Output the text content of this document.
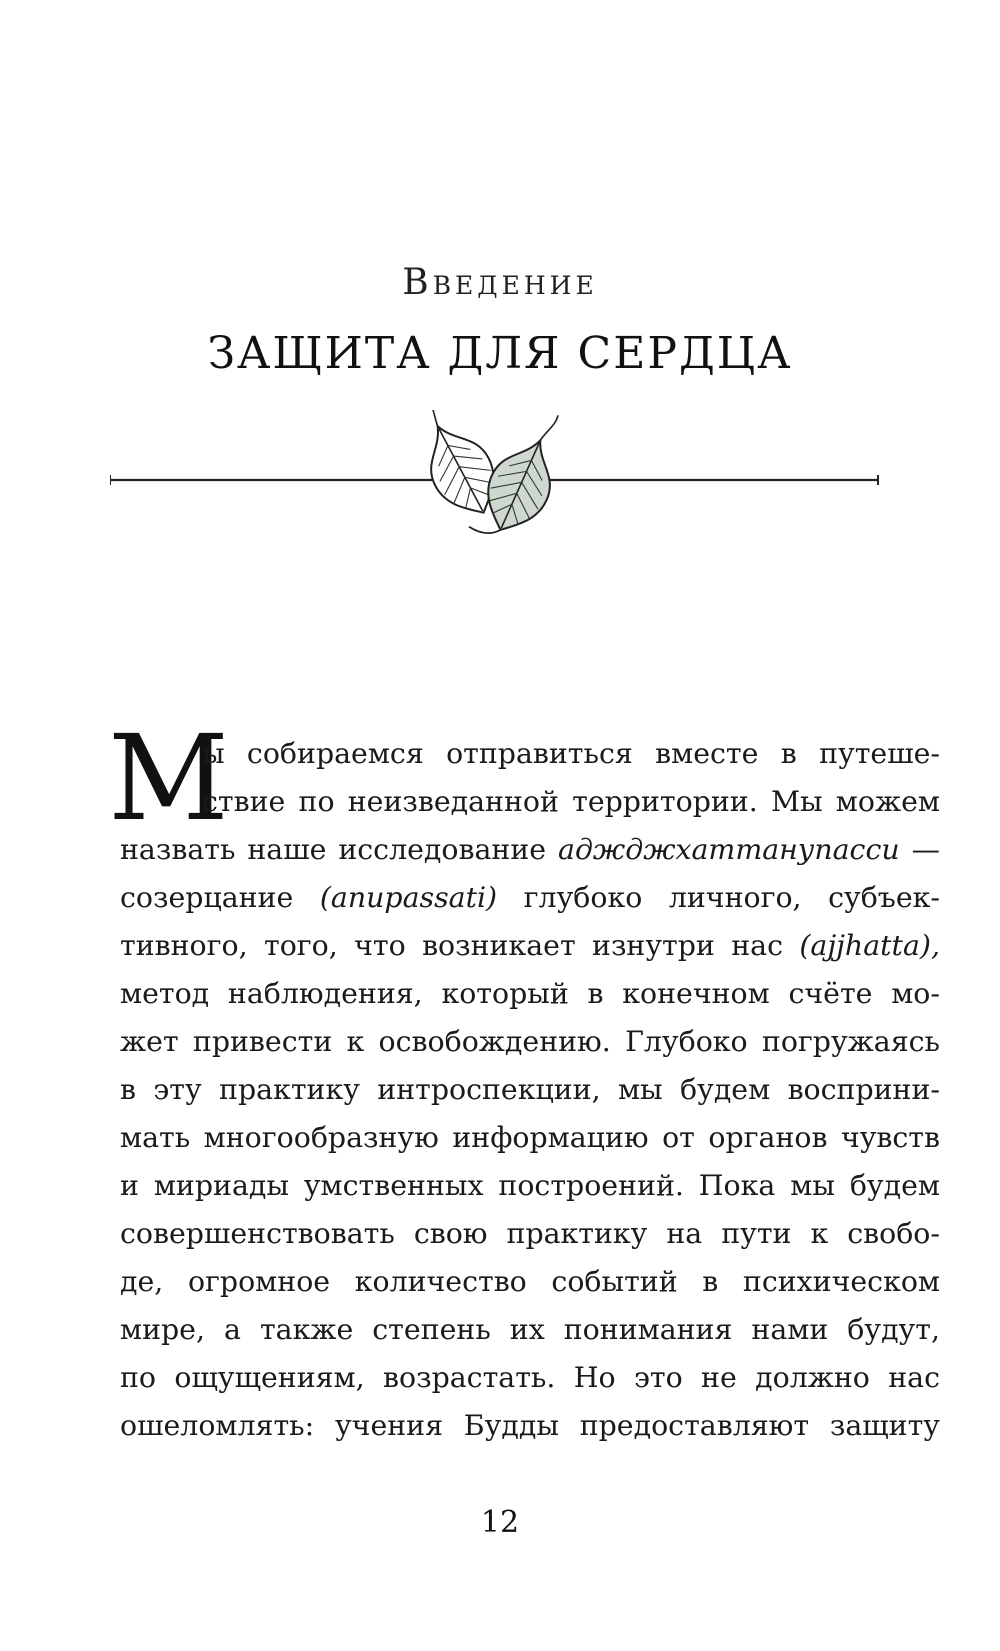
Введение
ЗАЩИТА ДЛЯ СЕРДЦА
М
ы собираемся отправиться вместе в путеше-
ствие по неизведанной территории. Мы можем
назвать наше исследование аджджхаттанупасси —
созерцание (anupassati) глубоко личного, субъек-
тивного, того, что возникает изнутри нас (ajjhatta),
метод наблюдения, который в конечном счёте мо-
жет привести к освобождению. Глубоко погружаясь
в эту практику интроспекции, мы будем восприни-
мать многообразную информацию от органов чувств
и мириады умственных построений. Пока мы будем
совершенствовать свою практику на пути к свобо-
де, огромное количество событий в психическом
мире, а также степень их понимания нами будут,
по ощущениям, возрастать. Но это не должно нас
ошеломлять: учения Будды предоставляют защиту
12
